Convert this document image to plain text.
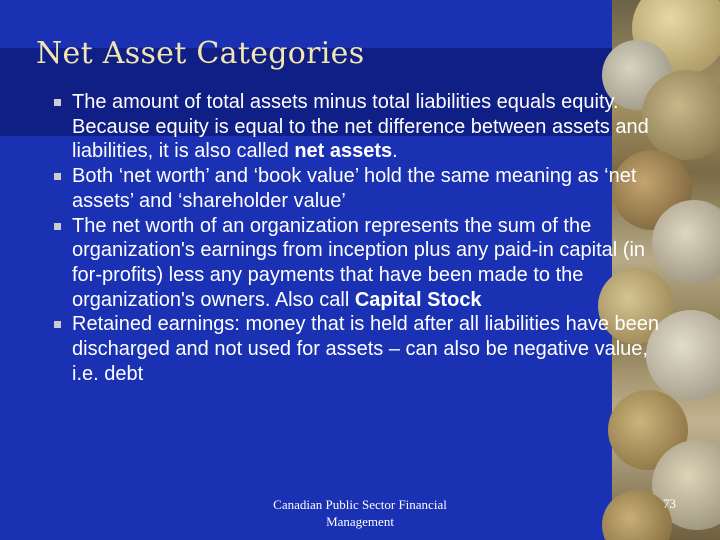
Net Asset Categories
The amount of total assets minus total liabilities equals equity. Because equity is equal to the net difference between assets and liabilities, it is also called net assets.
Both ‘net worth’ and ‘book value’ hold the same meaning as ‘net assets’ and ‘shareholder value’
The net worth of an organization represents the sum of the organization's earnings from inception plus any paid-in capital (in for-profits) less any payments that have been made to the organization's owners. Also call Capital Stock
Retained earnings: money that is held after all liabilities have been discharged and not used for assets – can also be negative value, i.e. debt
Canadian Public Sector Financial Management
73
